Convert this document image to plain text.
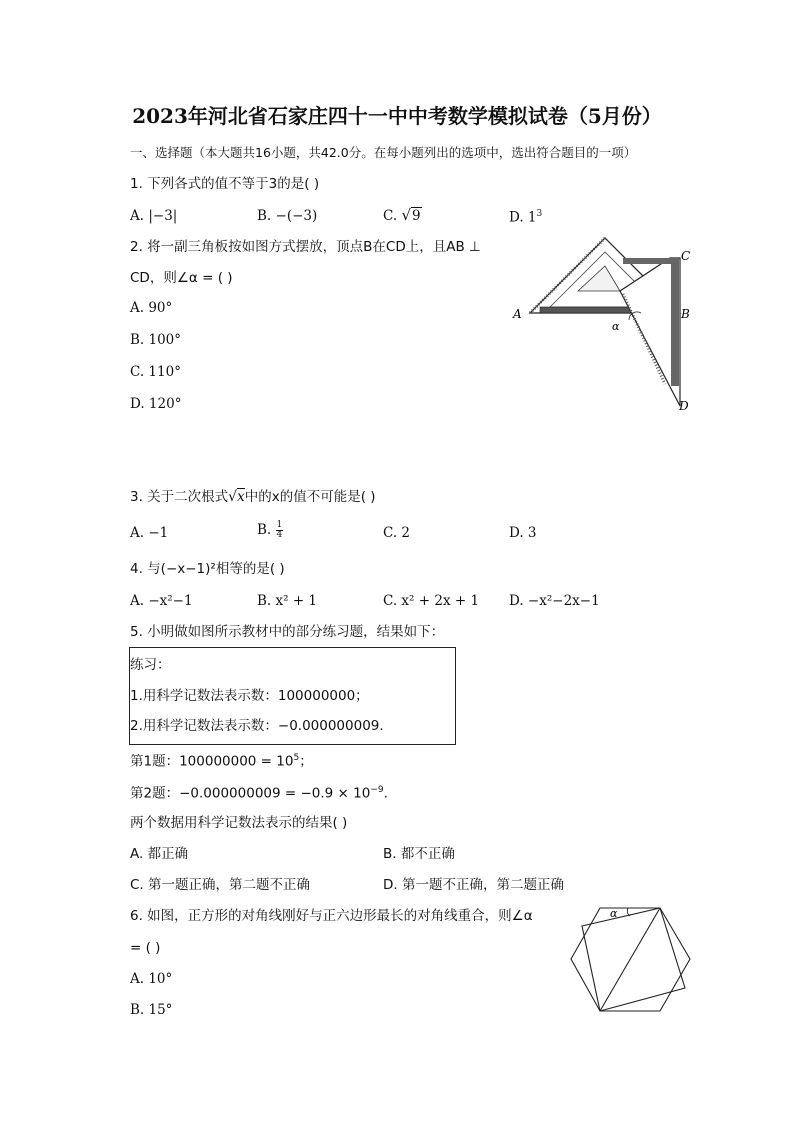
2023年河北省石家庄四十一中中考数学模拟试卷（5月份）
一、选择题（本大题共16小题，共42.0分。在每小题列出的选项中，选出符合题目的一项）
1. 下列各式的值不等于3的是( )
A. |−3|	B. −(−3)	C. √9	D. $1^3$
2. 将一副三角板按如图方式摆放，顶点B在CD上，且AB ⊥
CD，则∠α = ( )
A. 90°
B. 100°
C. 110°
D. 120°
A	B
C
D
α
3. 关于二次根式√x中的x的值不可能是( )
A. −1	B. $\frac{1}{4}$	C. 2	D. 3
4. 与(−x−1)²相等的是( )
A. −x²−1	B. x² + 1	C. x² + 2x + 1 D. −x²−2x−1
5. 小明做如图所示教材中的部分练习题，结果如下：
练习：
1.用科学记数法表示数：100000000；
2.用科学记数法表示数：−0.000000009.
第1题：$100000000 = 10^5$；
第2题：$-0.000000009 = -0.9 \times 10^{-9}$.
两个数据用科学记数法表示的结果( )
A. 都正确	B. 都不正确
C. 第一题正确，第二题不正确	D. 第一题不正确，第二题正确
6. 如图，正方形的对角线刚好与正六边形最长的对角线重合，则∠α
= ( )
A. 10°
B. 15°
α
